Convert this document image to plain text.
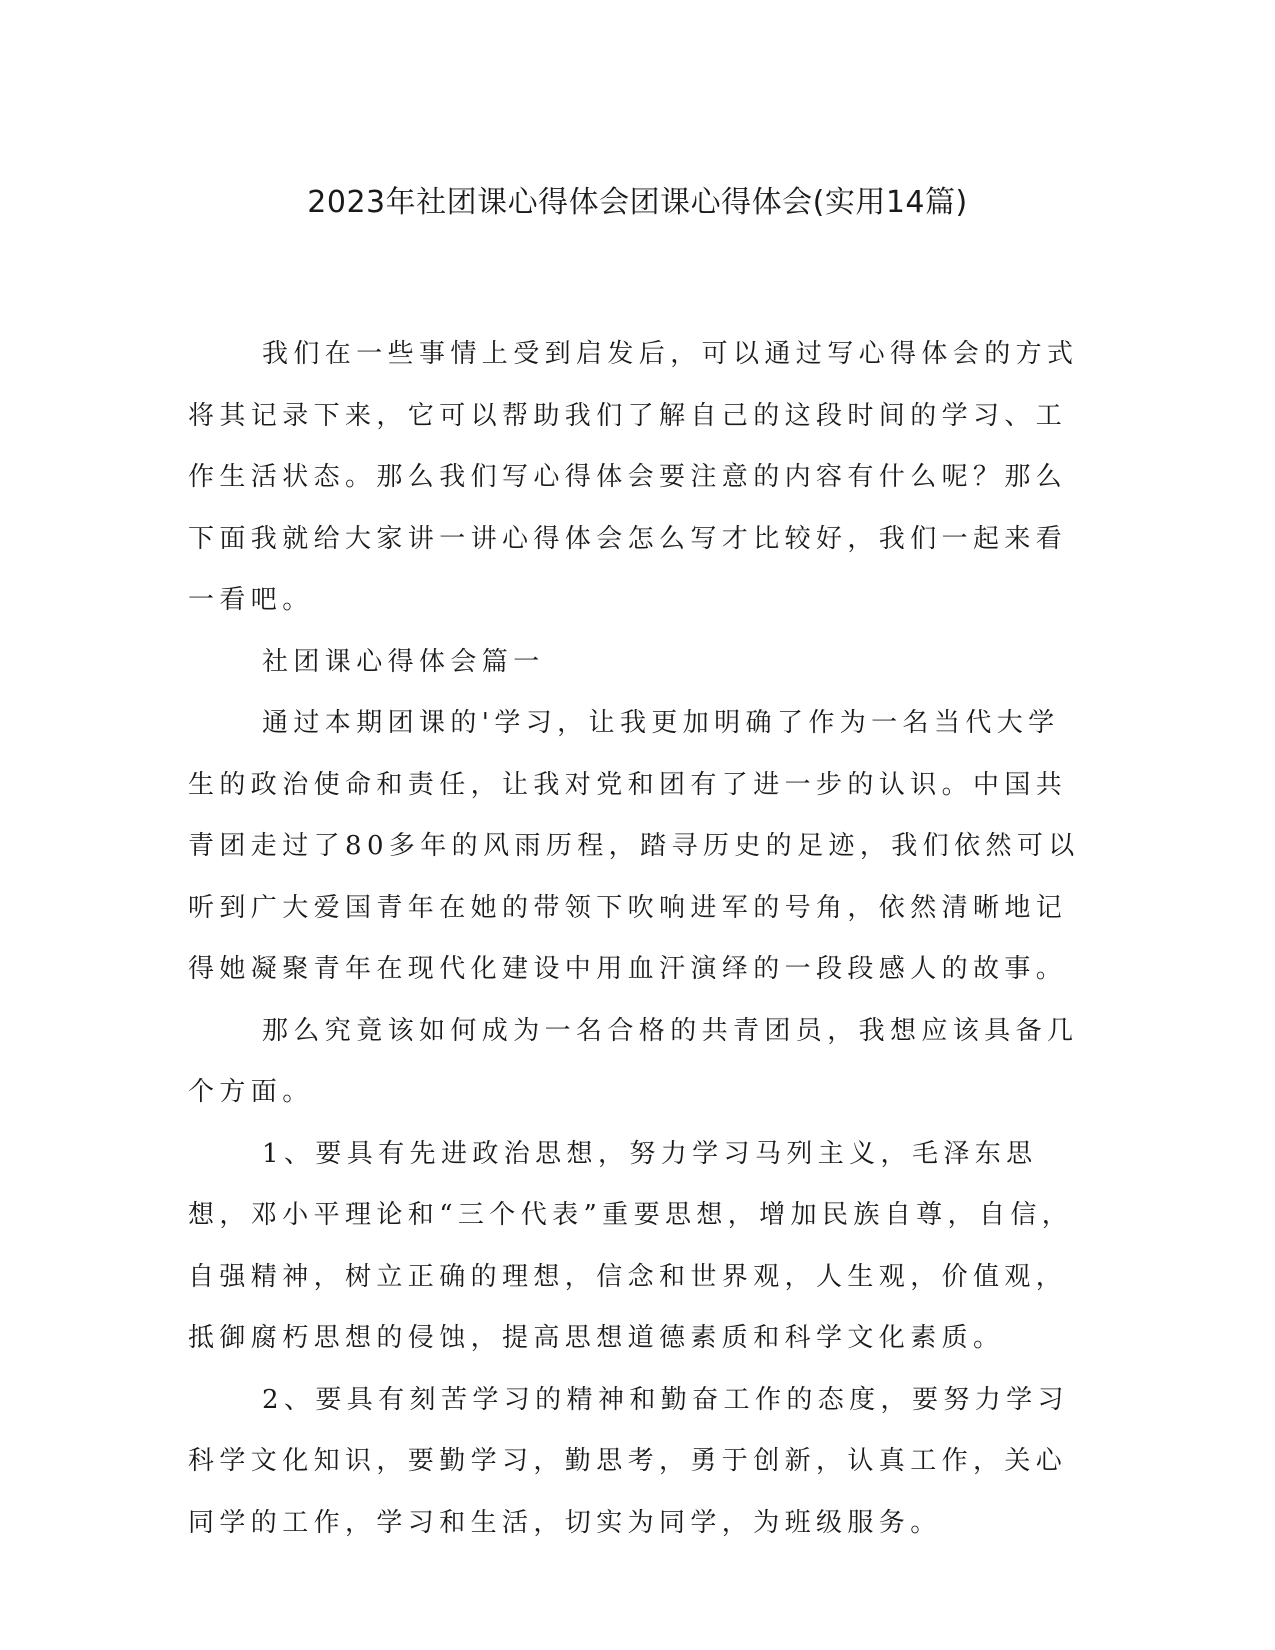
2023年社团课心得体会团课心得体会(实用14篇)

我们在一些事情上受到启发后，可以通过写心得体会的方式将其记录下来，它可以帮助我们了解自己的这段时间的学习、工作生活状态。那么我们写心得体会要注意的内容有什么呢？那么下面我就给大家讲一讲心得体会怎么写才比较好，我们一起来看一看吧。

社团课心得体会篇一

通过本期团课的'学习，让我更加明确了作为一名当代大学生的政治使命和责任，让我对党和团有了进一步的认识。中国共青团走过了80多年的风雨历程，踏寻历史的足迹，我们依然可以听到广大爱国青年在她的带领下吹响进军的号角，依然清晰地记得她凝聚青年在现代化建设中用血汗演绎的一段段感人的故事。

那么究竟该如何成为一名合格的共青团员，我想应该具备几个方面。

1、要具有先进政治思想，努力学习马列主义，毛泽东思想，邓小平理论和“三个代表”重要思想，增加民族自尊，自信，自强精神，树立正确的理想，信念和世界观，人生观，价值观，抵御腐朽思想的侵蚀，提高思想道德素质和科学文化素质。

2、要具有刻苦学习的精神和勤奋工作的态度，要努力学习科学文化知识，要勤学习，勤思考，勇于创新，认真工作，关心同学的工作，学习和生活，切实为同学，为班级服务。
